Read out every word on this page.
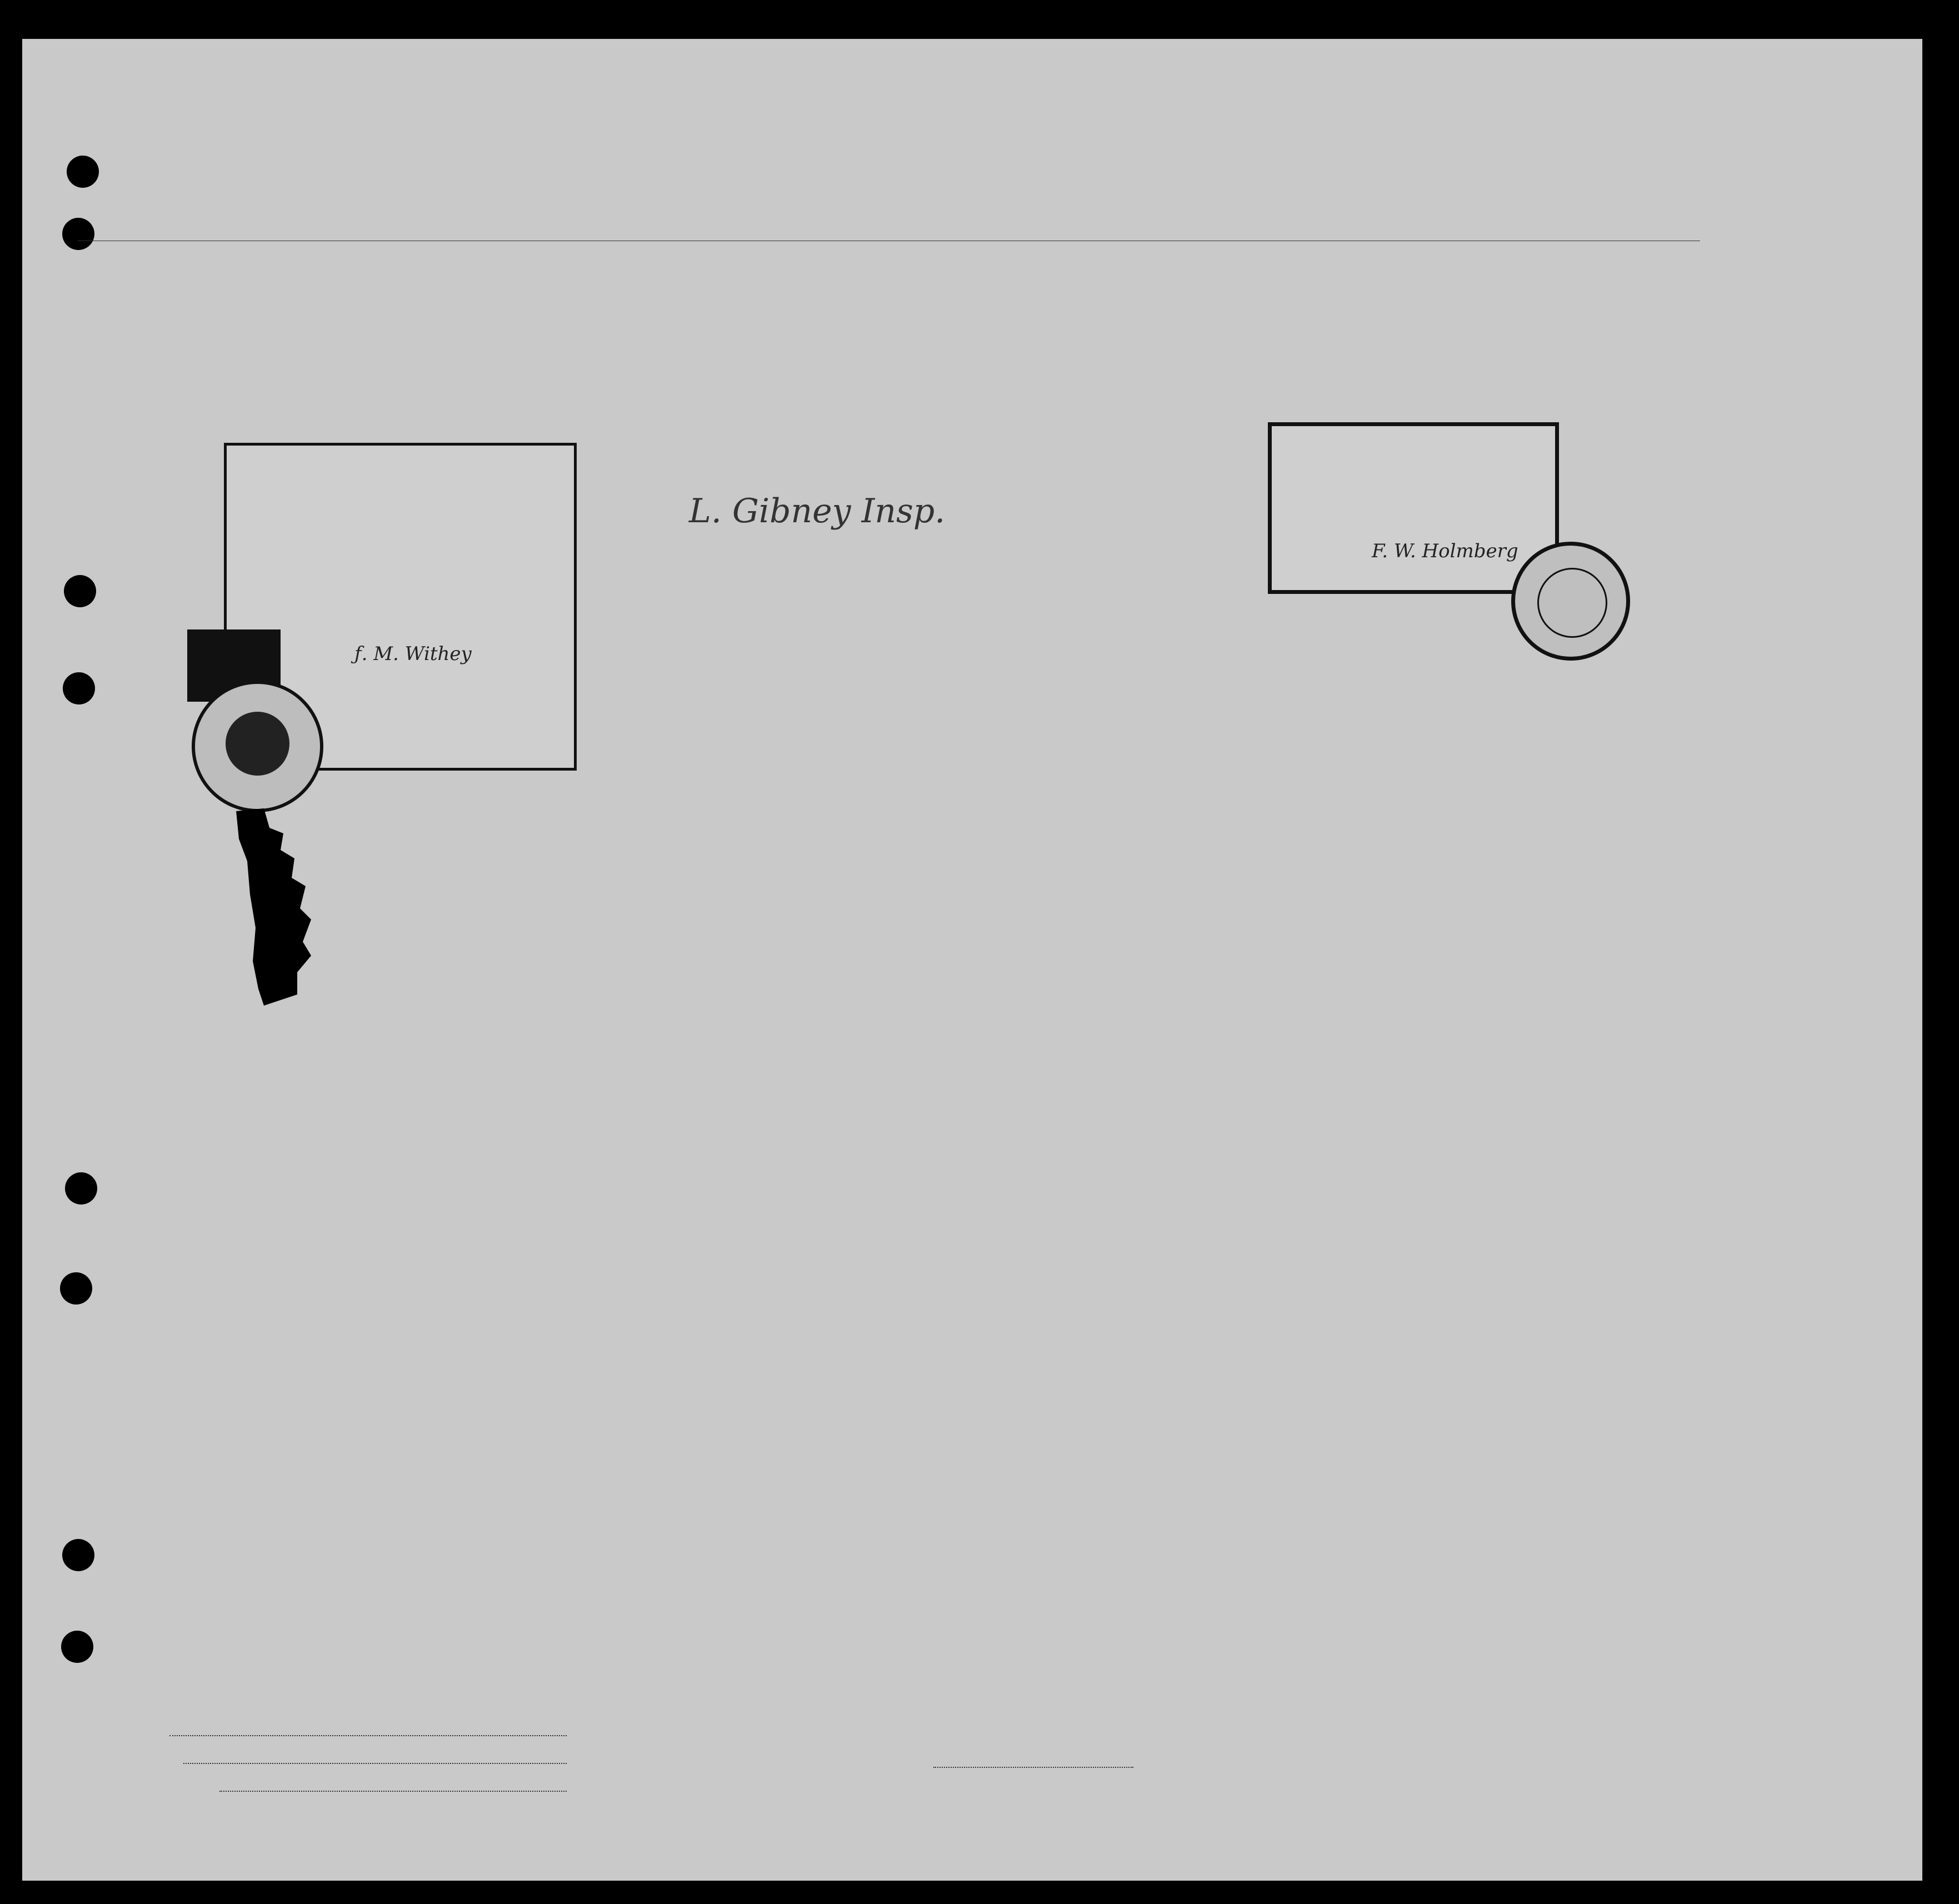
ƒ. M. Withey
L. Gibney Insp.
F. W. Holmberg
